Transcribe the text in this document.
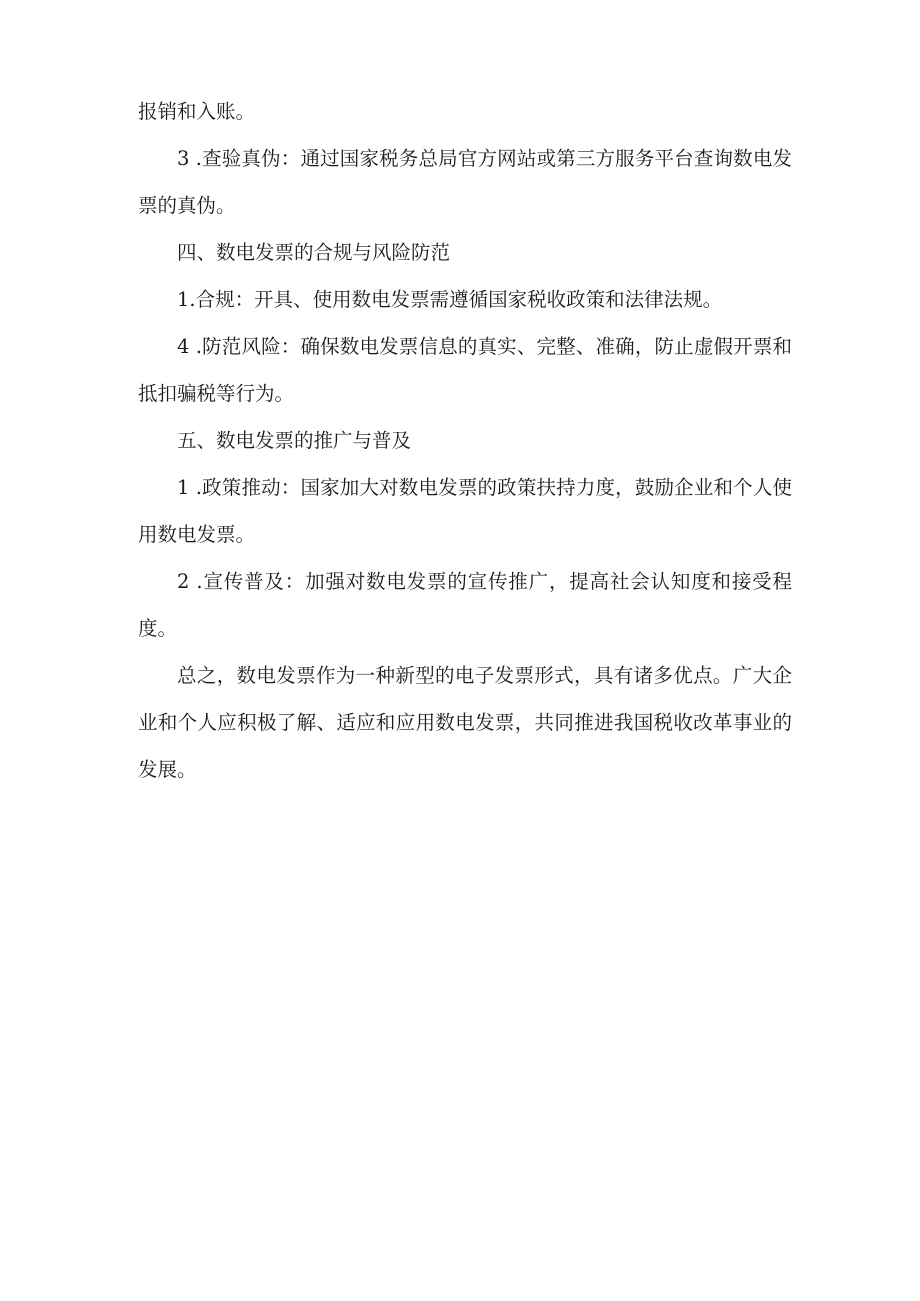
报销和入账。

3 .查验真伪：通过国家税务总局官方网站或第三方服务平台查询数电发票的真伪。

四、数电发票的合规与风险防范

1.合规：开具、使用数电发票需遵循国家税收政策和法律法规。

4 .防范风险：确保数电发票信息的真实、完整、准确，防止虚假开票和抵扣骗税等行为。

五、数电发票的推广与普及

1 .政策推动：国家加大对数电发票的政策扶持力度，鼓励企业和个人使用数电发票。

2 .宣传普及：加强对数电发票的宣传推广，提高社会认知度和接受程度。

总之，数电发票作为一种新型的电子发票形式，具有诸多优点。广大企业和个人应积极了解、适应和应用数电发票，共同推进我国税收改革事业的发展。
